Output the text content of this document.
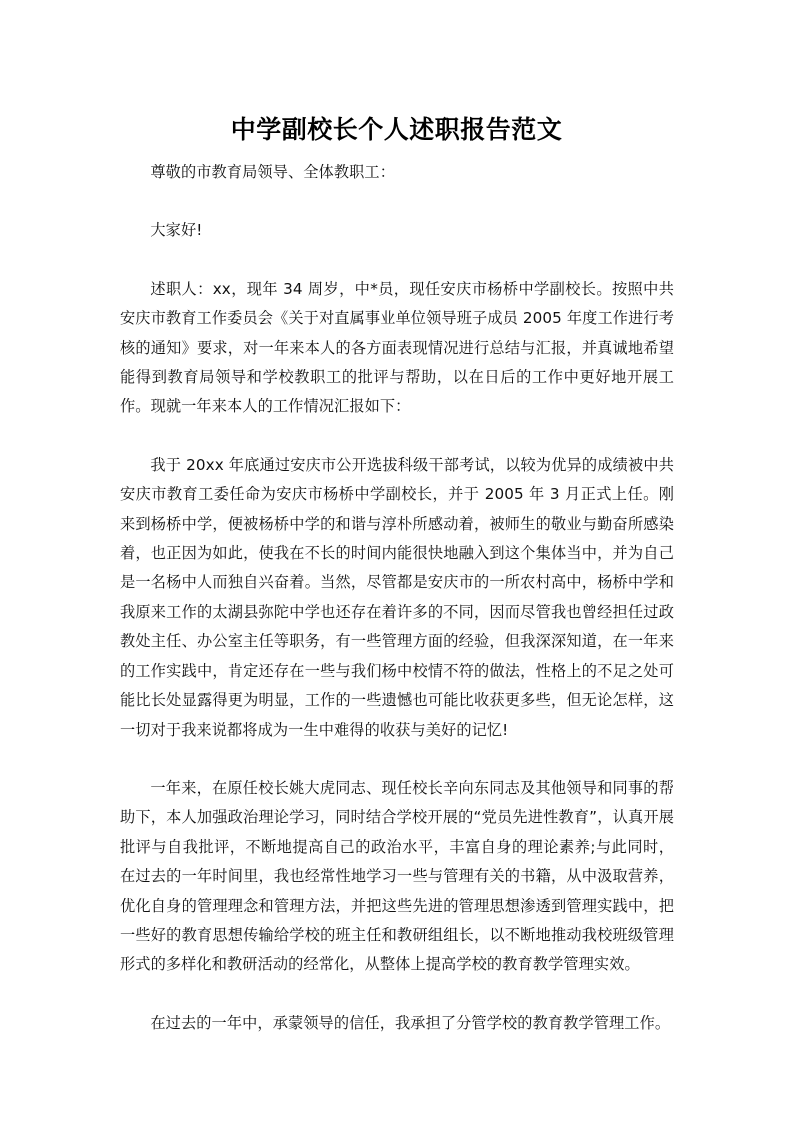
中学副校长个人述职报告范文

尊敬的市教育局领导、全体教职工：

大家好!

述职人：xx，现年 34 周岁，中*员，现任安庆市杨桥中学副校长。按照中共安庆市教育工作委员会《关于对直属事业单位领导班子成员 2005 年度工作进行考核的通知》要求，对一年来本人的各方面表现情况进行总结与汇报，并真诚地希望能得到教育局领导和学校教职工的批评与帮助，以在日后的工作中更好地开展工作。现就一年来本人的工作情况汇报如下：

我于 20xx 年底通过安庆市公开选拔科级干部考试，以较为优异的成绩被中共安庆市教育工委任命为安庆市杨桥中学副校长，并于 2005 年 3 月正式上任。刚来到杨桥中学，便被杨桥中学的和谐与淳朴所感动着，被师生的敬业与勤奋所感染着，也正因为如此，使我在不长的时间内能很快地融入到这个集体当中，并为自己是一名杨中人而独自兴奋着。当然，尽管都是安庆市的一所农村高中，杨桥中学和我原来工作的太湖县弥陀中学也还存在着许多的不同，因而尽管我也曾经担任过政教处主任、办公室主任等职务，有一些管理方面的经验，但我深深知道，在一年来的工作实践中，肯定还存在一些与我们杨中校情不符的做法，性格上的不足之处可能比长处显露得更为明显，工作的一些遗憾也可能比收获更多些，但无论怎样，这一切对于我来说都将成为一生中难得的收获与美好的记忆!

一年来，在原任校长姚大虎同志、现任校长辛向东同志及其他领导和同事的帮助下，本人加强政治理论学习，同时结合学校开展的“党员先进性教育”，认真开展批评与自我批评，不断地提高自己的政治水平，丰富自身的理论素养;与此同时，在过去的一年时间里，我也经常性地学习一些与管理有关的书籍，从中汲取营养，优化自身的管理理念和管理方法，并把这些先进的管理思想渗透到管理实践中，把一些好的教育思想传输给学校的班主任和教研组组长，以不断地推动我校班级管理形式的多样化和教研活动的经常化，从整体上提高学校的教育教学管理实效。

在过去的一年中，承蒙领导的信任，我承担了分管学校的教育教学管理工作。
